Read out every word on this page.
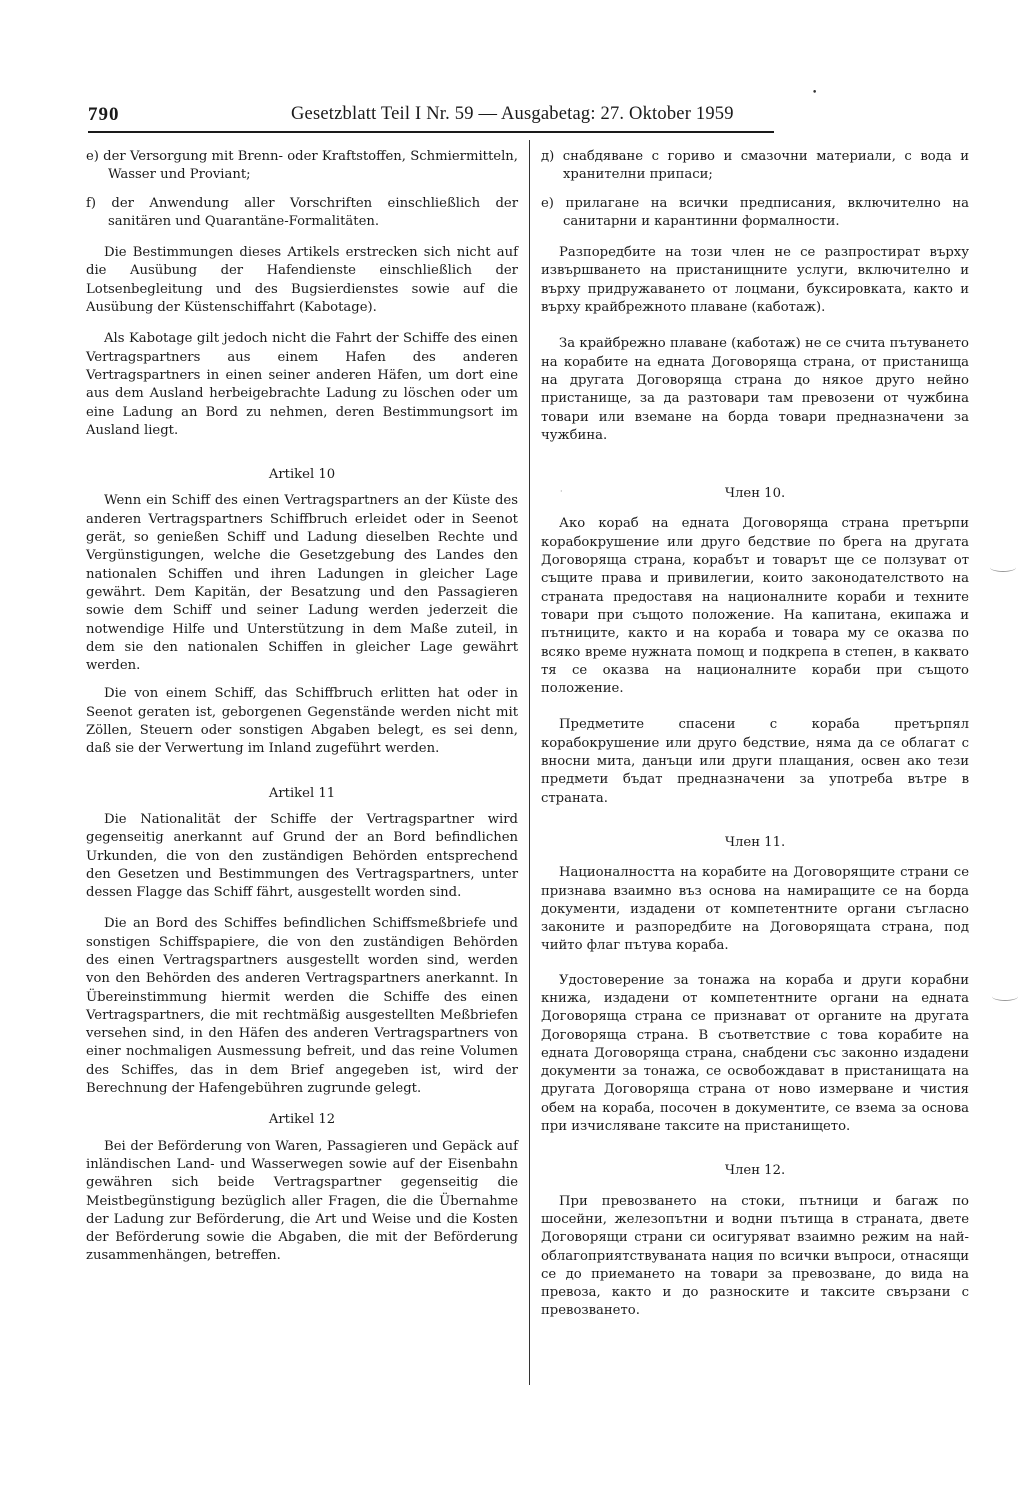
790	Gesetzblatt Teil I Nr. 59 — Ausgabetag: 27. Oktober 1959
•
·

e) der Versorgung mit Brenn- oder Kraftstoffen, Schmiermitteln, Wasser und Proviant;

f) der Anwendung aller Vorschriften einschließlich der sanitären und Quarantäne-Formalitäten.

Die Bestimmungen dieses Artikels erstrecken sich nicht auf die Ausübung der Hafendienste einschließlich der Lotsenbegleitung und des Bugsierdienstes sowie auf die Ausübung der Küstenschiffahrt (Kabotage).

Als Kabotage gilt jedoch nicht die Fahrt der Schiffe des einen Vertragspartners aus einem Hafen des anderen Vertragspartners in einen seiner anderen Häfen, um dort eine aus dem Ausland herbeigebrachte Ladung zu löschen oder um eine Ladung an Bord zu nehmen, deren Bestimmungsort im Ausland liegt.

Artikel 10

Wenn ein Schiff des einen Vertragspartners an der Küste des anderen Vertragspartners Schiffbruch erleidet oder in Seenot gerät, so genießen Schiff und Ladung dieselben Rechte und Vergünstigungen, welche die Gesetzgebung des Landes den nationalen Schiffen und ihren Ladungen in gleicher Lage gewährt. Dem Kapitän, der Besatzung und den Passagieren sowie dem Schiff und seiner Ladung werden jederzeit die notwendige Hilfe und Unterstützung in dem Maße zuteil, in dem sie den nationalen Schiffen in gleicher Lage gewährt werden.

Die von einem Schiff, das Schiffbruch erlitten hat oder in Seenot geraten ist, geborgenen Gegenstände werden nicht mit Zöllen, Steuern oder sonstigen Abgaben belegt, es sei denn, daß sie der Verwertung im Inland zugeführt werden.

Artikel 11

Die Nationalität der Schiffe der Vertragspartner wird gegenseitig anerkannt auf Grund der an Bord befindlichen Urkunden, die von den zuständigen Behörden entsprechend den Gesetzen und Bestimmungen des Vertragspartners, unter dessen Flagge das Schiff fährt, ausgestellt worden sind.

Die an Bord des Schiffes befindlichen Schiffsmeßbriefe und sonstigen Schiffspapiere, die von den zuständigen Behörden des einen Vertragspartners ausgestellt worden sind, werden von den Behörden des anderen Vertragspartners anerkannt. In Übereinstimmung hiermit werden die Schiffe des einen Vertragspartners, die mit rechtmäßig ausgestellten Meßbriefen versehen sind, in den Häfen des anderen Vertragspartners von einer nochmaligen Ausmessung befreit, und das reine Volumen des Schiffes, das in dem Brief angegeben ist, wird der Berechnung der Hafengebühren zugrunde gelegt.

Artikel 12

Bei der Beförderung von Waren, Passagieren und Gepäck auf inländischen Land- und Wasserwegen sowie auf der Eisenbahn gewähren sich beide Vertragspartner gegenseitig die Meistbegünstigung bezüglich aller Fragen, die die Übernahme der Ladung zur Beförderung, die Art und Weise und die Kosten der Beförderung sowie die Abgaben, die mit der Beförderung zusammenhängen, betreffen.

д) снабдяване с гориво и смазочни материали, с вода и хранителни припаси;

е) прилагане на всички предписания, включително на санитарни и карантинни формалности.

Разпоредбите на този член не се разпростират върху извършването на пристанищните услуги, включително и върху придружаването от лоцмани, буксировката, както и върху крайбрежното плаване (каботаж).

За крайбрежно плаване (каботаж) не се счита пътуването на корабите на едната Договоряща страна, от пристанища на другата Договоряща страна до някое друго нейно пристанище, за да разтовари там превозени от чужбина товари или вземане на борда товари предназначени за чужбина.

Член 10.

Ако кораб на едната Договоряща страна претърпи корабокрушение или друго бедствие по брега на другата Договоряща страна, корабът и товарът ще се ползуват от същите права и привилегии, които законодателството на страната предоставя на националните кораби и техните товари при същото положение. На капитана, екипажа и пътниците, както и на кораба и товара му се оказва по всяко време нужната помощ и подкрепа в степен, в каквато тя се оказва на националните кораби при същото положение.

Предметите спасени с кораба претърпял корабокрушение или друго бедствие, няма да се облагат с вносни мита, данъци или други плащания, освен ако тези предмети бъдат предназначени за употреба вътре в страната.

Член 11.

Националността на корабите на Договорящите страни се признава взаимно въз основа на намиращите се на борда документи, издадени от компетентните органи съгласно законите и разпоредбите на Договорящата страна, под чийто флаг пътува кораба.

Удостоверение за тонажа на кораба и други корабни книжа, издадени от компетентните органи на едната Договоряща страна се признават от органите на другата Договоряща страна. В съответствие с това корабите на едната Договоряща страна, снабдени със законно издадени документи за тонажа, се освобождават в пристанищата на другата Договоряща страна от ново измерване и чистия обем на кораба, посочен в документите, се взема за основа при изчисляване таксите на пристанището.

Член 12.

При превозването на стоки, пътници и багаж по шосейни, железопътни и водни пътища в страната, двете Договорящи страни си осигуряват взаимно режим на най-облагоприятствуваната нация по всички въпроси, отнасящи се до приемането на товари за превозване, до вида на превоза, както и до разноските и таксите свързани с превозването.
